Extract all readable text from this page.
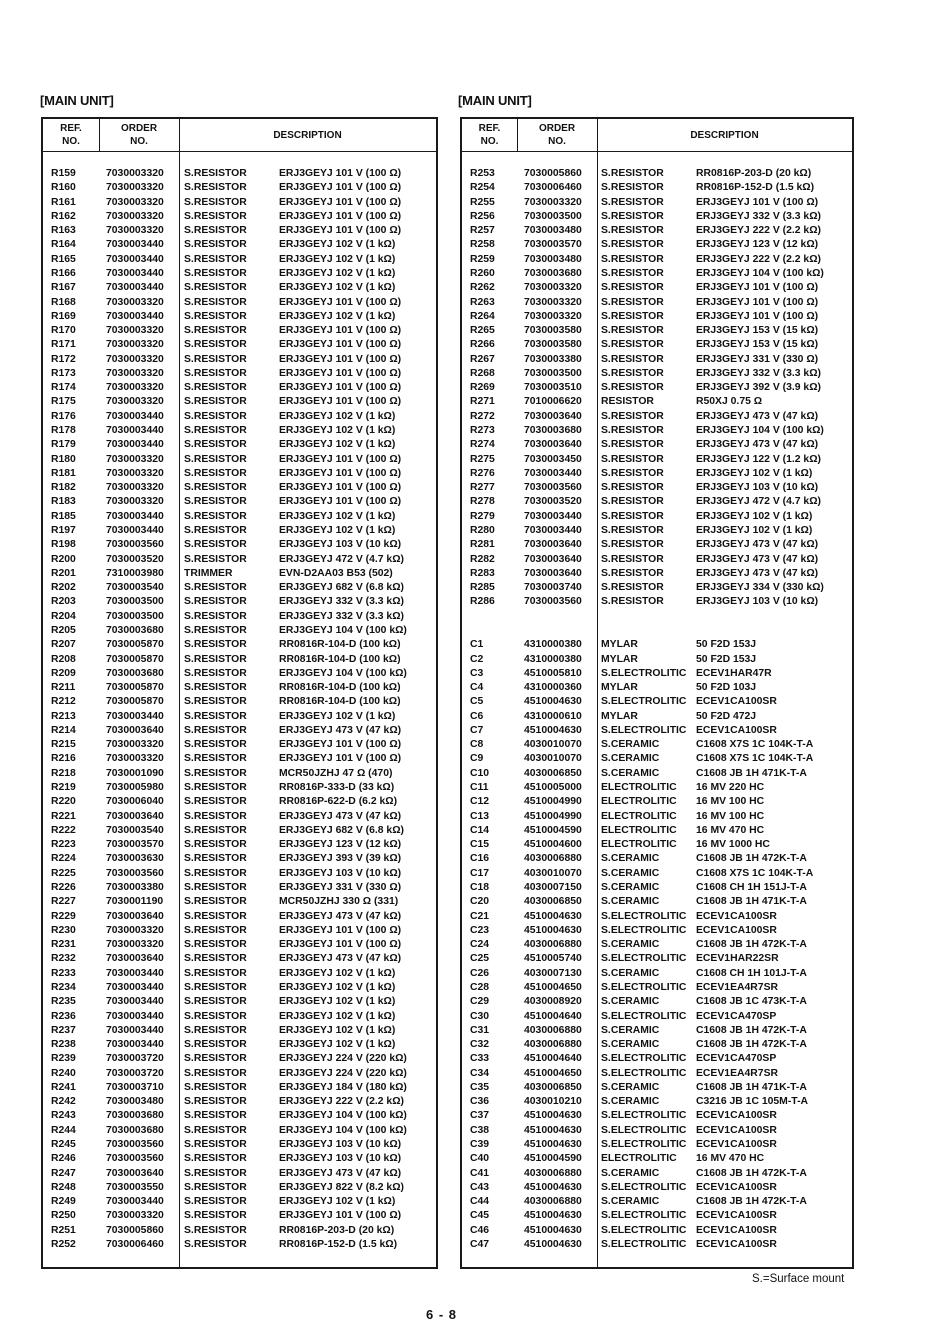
[MAIN UNIT]	[MAIN UNIT]
REF.
NO.
ORDER
NO.
DESCRIPTION
R159	7030003320 S.RESISTOR	ERJ3GEYJ 101 V (100 Ω)
R160	7030003320 S.RESISTOR	ERJ3GEYJ 101 V (100 Ω)
R161	7030003320 S.RESISTOR	ERJ3GEYJ 101 V (100 Ω)
R162	7030003320 S.RESISTOR	ERJ3GEYJ 101 V (100 Ω)
R163	7030003320 S.RESISTOR	ERJ3GEYJ 101 V (100 Ω)
R164	7030003440 S.RESISTOR	ERJ3GEYJ 102 V (1 kΩ)
R165	7030003440 S.RESISTOR	ERJ3GEYJ 102 V (1 kΩ)
R166	7030003440 S.RESISTOR	ERJ3GEYJ 102 V (1 kΩ)
R167	7030003440 S.RESISTOR	ERJ3GEYJ 102 V (1 kΩ)
R168	7030003320 S.RESISTOR	ERJ3GEYJ 101 V (100 Ω)
R169	7030003440 S.RESISTOR	ERJ3GEYJ 102 V (1 kΩ)
R170	7030003320 S.RESISTOR	ERJ3GEYJ 101 V (100 Ω)
R171	7030003320 S.RESISTOR	ERJ3GEYJ 101 V (100 Ω)
R172	7030003320 S.RESISTOR	ERJ3GEYJ 101 V (100 Ω)
R173	7030003320 S.RESISTOR	ERJ3GEYJ 101 V (100 Ω)
R174	7030003320 S.RESISTOR	ERJ3GEYJ 101 V (100 Ω)
R175	7030003320 S.RESISTOR	ERJ3GEYJ 101 V (100 Ω)
R176	7030003440 S.RESISTOR	ERJ3GEYJ 102 V (1 kΩ)
R178	7030003440 S.RESISTOR	ERJ3GEYJ 102 V (1 kΩ)
R179	7030003440 S.RESISTOR	ERJ3GEYJ 102 V (1 kΩ)
R180	7030003320 S.RESISTOR	ERJ3GEYJ 101 V (100 Ω)
R181	7030003320 S.RESISTOR	ERJ3GEYJ 101 V (100 Ω)
R182	7030003320 S.RESISTOR	ERJ3GEYJ 101 V (100 Ω)
R183	7030003320 S.RESISTOR	ERJ3GEYJ 101 V (100 Ω)
R185	7030003440 S.RESISTOR	ERJ3GEYJ 102 V (1 kΩ)
R197	7030003440 S.RESISTOR	ERJ3GEYJ 102 V (1 kΩ)
R198	7030003560 S.RESISTOR	ERJ3GEYJ 103 V (10 kΩ)
R200	7030003520 S.RESISTOR	ERJ3GEYJ 472 V (4.7 kΩ)
R201	7310003980 TRIMMER	EVN-D2AA03 B53 (502)
R202	7030003540 S.RESISTOR	ERJ3GEYJ 682 V (6.8 kΩ)
R203	7030003500 S.RESISTOR	ERJ3GEYJ 332 V (3.3 kΩ)
R204	7030003500 S.RESISTOR	ERJ3GEYJ 332 V (3.3 kΩ)
R205	7030003680 S.RESISTOR	ERJ3GEYJ 104 V (100 kΩ)
R207	7030005870 S.RESISTOR	RR0816R-104-D (100 kΩ)
R208	7030005870 S.RESISTOR	RR0816R-104-D (100 kΩ)
R209	7030003680 S.RESISTOR	ERJ3GEYJ 104 V (100 kΩ)
R211	7030005870 S.RESISTOR	RR0816R-104-D (100 kΩ)
R212	7030005870 S.RESISTOR	RR0816R-104-D (100 kΩ)
R213	7030003440 S.RESISTOR	ERJ3GEYJ 102 V (1 kΩ)
R214	7030003640 S.RESISTOR	ERJ3GEYJ 473 V (47 kΩ)
R215	7030003320 S.RESISTOR	ERJ3GEYJ 101 V (100 Ω)
R216	7030003320 S.RESISTOR	ERJ3GEYJ 101 V (100 Ω)
R218	7030001090 S.RESISTOR	MCR50JZHJ 47 Ω (470)
R219	7030005980 S.RESISTOR	RR0816P-333-D (33 kΩ)
R220	7030006040 S.RESISTOR	RR0816P-622-D (6.2 kΩ)
R221	7030003640 S.RESISTOR	ERJ3GEYJ 473 V (47 kΩ)
R222	7030003540 S.RESISTOR	ERJ3GEYJ 682 V (6.8 kΩ)
R223	7030003570 S.RESISTOR	ERJ3GEYJ 123 V (12 kΩ)
R224	7030003630 S.RESISTOR	ERJ3GEYJ 393 V (39 kΩ)
R225	7030003560 S.RESISTOR	ERJ3GEYJ 103 V (10 kΩ)
R226	7030003380 S.RESISTOR	ERJ3GEYJ 331 V (330 Ω)
R227	7030001190 S.RESISTOR	MCR50JZHJ 330 Ω (331)
R229	7030003640 S.RESISTOR	ERJ3GEYJ 473 V (47 kΩ)
R230	7030003320 S.RESISTOR	ERJ3GEYJ 101 V (100 Ω)
R231	7030003320 S.RESISTOR	ERJ3GEYJ 101 V (100 Ω)
R232	7030003640 S.RESISTOR	ERJ3GEYJ 473 V (47 kΩ)
R233	7030003440 S.RESISTOR	ERJ3GEYJ 102 V (1 kΩ)
R234	7030003440 S.RESISTOR	ERJ3GEYJ 102 V (1 kΩ)
R235	7030003440 S.RESISTOR	ERJ3GEYJ 102 V (1 kΩ)
R236	7030003440 S.RESISTOR	ERJ3GEYJ 102 V (1 kΩ)
R237	7030003440 S.RESISTOR	ERJ3GEYJ 102 V (1 kΩ)
R238	7030003440 S.RESISTOR	ERJ3GEYJ 102 V (1 kΩ)
R239	7030003720 S.RESISTOR	ERJ3GEYJ 224 V (220 kΩ)
R240	7030003720 S.RESISTOR	ERJ3GEYJ 224 V (220 kΩ)
R241	7030003710 S.RESISTOR	ERJ3GEYJ 184 V (180 kΩ)
R242	7030003480 S.RESISTOR	ERJ3GEYJ 222 V (2.2 kΩ)
R243	7030003680 S.RESISTOR	ERJ3GEYJ 104 V (100 kΩ)
R244	7030003680 S.RESISTOR	ERJ3GEYJ 104 V (100 kΩ)
R245	7030003560 S.RESISTOR	ERJ3GEYJ 103 V (10 kΩ)
R246	7030003560 S.RESISTOR	ERJ3GEYJ 103 V (10 kΩ)
R247	7030003640 S.RESISTOR	ERJ3GEYJ 473 V (47 kΩ)
R248	7030003550 S.RESISTOR	ERJ3GEYJ 822 V (8.2 kΩ)
R249	7030003440 S.RESISTOR	ERJ3GEYJ 102 V (1 kΩ)
R250	7030003320 S.RESISTOR	ERJ3GEYJ 101 V (100 Ω)
R251	7030005860 S.RESISTOR	RR0816P-203-D (20 kΩ)
R252	7030006460 S.RESISTOR	RR0816P-152-D (1.5 kΩ)
REF.
NO.
ORDER
NO.
DESCRIPTION
R253	7030005860 S.RESISTOR	RR0816P-203-D (20 kΩ)
R254	7030006460 S.RESISTOR	RR0816P-152-D (1.5 kΩ)
R255	7030003320 S.RESISTOR	ERJ3GEYJ 101 V (100 Ω)
R256	7030003500 S.RESISTOR	ERJ3GEYJ 332 V (3.3 kΩ)
R257	7030003480 S.RESISTOR	ERJ3GEYJ 222 V (2.2 kΩ)
R258	7030003570 S.RESISTOR	ERJ3GEYJ 123 V (12 kΩ)
R259	7030003480 S.RESISTOR	ERJ3GEYJ 222 V (2.2 kΩ)
R260	7030003680 S.RESISTOR	ERJ3GEYJ 104 V (100 kΩ)
R262	7030003320 S.RESISTOR	ERJ3GEYJ 101 V (100 Ω)
R263	7030003320 S.RESISTOR	ERJ3GEYJ 101 V (100 Ω)
R264	7030003320 S.RESISTOR	ERJ3GEYJ 101 V (100 Ω)
R265	7030003580 S.RESISTOR	ERJ3GEYJ 153 V (15 kΩ)
R266	7030003580 S.RESISTOR	ERJ3GEYJ 153 V (15 kΩ)
R267	7030003380 S.RESISTOR	ERJ3GEYJ 331 V (330 Ω)
R268	7030003500 S.RESISTOR	ERJ3GEYJ 332 V (3.3 kΩ)
R269	7030003510 S.RESISTOR	ERJ3GEYJ 392 V (3.9 kΩ)
R271	7010006620 RESISTOR	R50XJ 0.75 Ω
R272	7030003640 S.RESISTOR	ERJ3GEYJ 473 V (47 kΩ)
R273	7030003680 S.RESISTOR	ERJ3GEYJ 104 V (100 kΩ)
R274	7030003640 S.RESISTOR	ERJ3GEYJ 473 V (47 kΩ)
R275	7030003450 S.RESISTOR	ERJ3GEYJ 122 V (1.2 kΩ)
R276	7030003440 S.RESISTOR	ERJ3GEYJ 102 V (1 kΩ)
R277	7030003560 S.RESISTOR	ERJ3GEYJ 103 V (10 kΩ)
R278	7030003520 S.RESISTOR	ERJ3GEYJ 472 V (4.7 kΩ)
R279	7030003440 S.RESISTOR	ERJ3GEYJ 102 V (1 kΩ)
R280	7030003440 S.RESISTOR	ERJ3GEYJ 102 V (1 kΩ)
R281	7030003640 S.RESISTOR	ERJ3GEYJ 473 V (47 kΩ)
R282	7030003640 S.RESISTOR	ERJ3GEYJ 473 V (47 kΩ)
R283	7030003640 S.RESISTOR	ERJ3GEYJ 473 V (47 kΩ)
R285	7030003740 S.RESISTOR	ERJ3GEYJ 334 V (330 kΩ)
R286	7030003560 S.RESISTOR	ERJ3GEYJ 103 V (10 kΩ)
C1	4310000380 MYLAR	50 F2D 153J
C2	4310000380 MYLAR	50 F2D 153J
C3	4510005810 S.ELECTROLITIC ECEV1HAR47R
C4	4310000360 MYLAR	50 F2D 103J
C5	4510004630 S.ELECTROLITIC ECEV1CA100SR
C6	4310000610 MYLAR	50 F2D 472J
C7	4510004630 S.ELECTROLITIC ECEV1CA100SR
C8	4030010070 S.CERAMIC	C1608 X7S 1C 104K-T-A
C9	4030010070 S.CERAMIC	C1608 X7S 1C 104K-T-A
C10	4030006850 S.CERAMIC	C1608 JB 1H 471K-T-A
C11	4510005000 ELECTROLITIC 16 MV 220 HC
C12	4510004990 ELECTROLITIC 16 MV 100 HC
C13	4510004990 ELECTROLITIC 16 MV 100 HC
C14	4510004590 ELECTROLITIC 16 MV 470 HC
C15	4510004600 ELECTROLITIC 16 MV 1000 HC
C16	4030006880 S.CERAMIC	C1608 JB 1H 472K-T-A
C17	4030010070 S.CERAMIC	C1608 X7S 1C 104K-T-A
C18	4030007150 S.CERAMIC	C1608 CH 1H 151J-T-A
C20	4030006850 S.CERAMIC	C1608 JB 1H 471K-T-A
C21	4510004630 S.ELECTROLITIC ECEV1CA100SR
C23	4510004630 S.ELECTROLITIC ECEV1CA100SR
C24	4030006880 S.CERAMIC	C1608 JB 1H 472K-T-A
C25	4510005740 S.ELECTROLITIC ECEV1HAR22SR
C26	4030007130 S.CERAMIC	C1608 CH 1H 101J-T-A
C28	4510004650 S.ELECTROLITIC ECEV1EA4R7SR
C29	4030008920 S.CERAMIC	C1608 JB 1C 473K-T-A
C30	4510004640 S.ELECTROLITIC ECEV1CA470SP
C31	4030006880 S.CERAMIC	C1608 JB 1H 472K-T-A
C32	4030006880 S.CERAMIC	C1608 JB 1H 472K-T-A
C33	4510004640 S.ELECTROLITIC ECEV1CA470SP
C34	4510004650 S.ELECTROLITIC ECEV1EA4R7SR
C35	4030006850 S.CERAMIC	C1608 JB 1H 471K-T-A
C36	4030010210 S.CERAMIC	C3216 JB 1C 105M-T-A
C37	4510004630 S.ELECTROLITIC ECEV1CA100SR
C38	4510004630 S.ELECTROLITIC ECEV1CA100SR
C39	4510004630 S.ELECTROLITIC ECEV1CA100SR
C40	4510004590 ELECTROLITIC 16 MV 470 HC
C41	4030006880 S.CERAMIC	C1608 JB 1H 472K-T-A
C43	4510004630 S.ELECTROLITIC ECEV1CA100SR
C44	4030006880 S.CERAMIC	C1608 JB 1H 472K-T-A
C45	4510004630 S.ELECTROLITIC ECEV1CA100SR
C46	4510004630 S.ELECTROLITIC ECEV1CA100SR
C47	4510004630 S.ELECTROLITIC ECEV1CA100SR
S.=Surface mount
6 - 8
